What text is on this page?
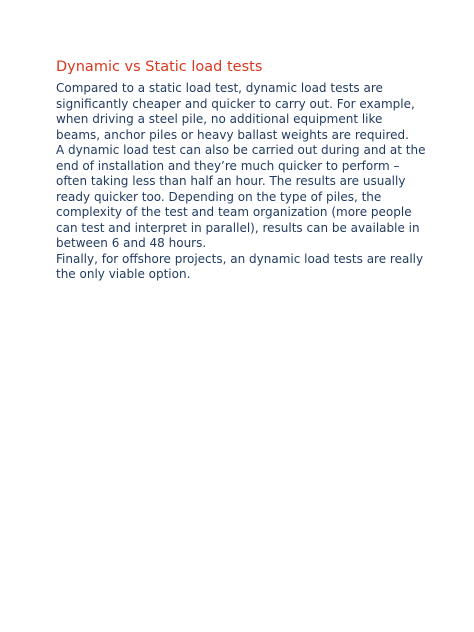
Dynamic vs Static load tests

Compared to a static load test, dynamic load tests are
significantly cheaper and quicker to carry out. For example,
when driving a steel pile, no additional equipment like
beams, anchor piles or heavy ballast weights are required.

A dynamic load test can also be carried out during and at the
end of installation and they’re much quicker to perform –
often taking less than half an hour. The results are usually
ready quicker too. Depending on the type of piles, the
complexity of the test and team organization (more people
can test and interpret in parallel), results can be available in
between 6 and 48 hours.

Finally, for offshore projects, an dynamic load tests are really
the only viable option.
